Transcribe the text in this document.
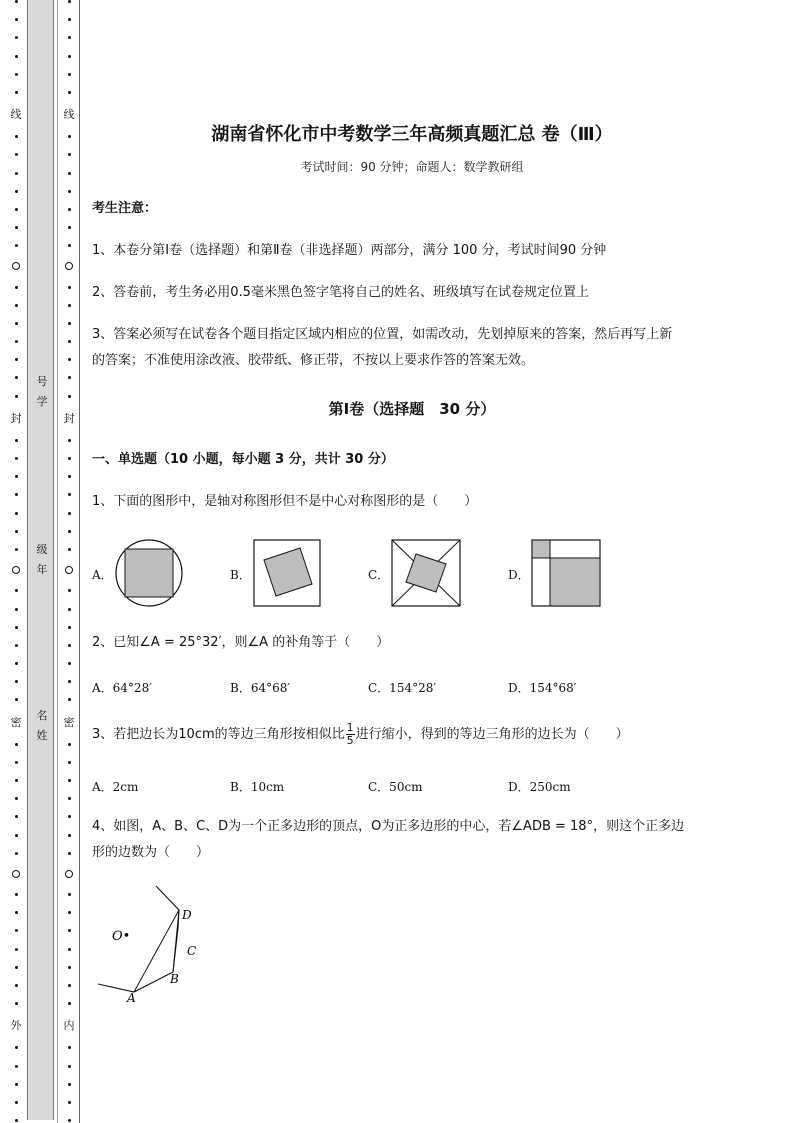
线
封
密
外
线
封
密
内
号
学
级
年
名
姓
湖南省怀化市中考数学三年高频真题汇总 卷（Ⅲ）
考试时间：90 分钟；命题人：数学教研组
考生注意：
1、本卷分第Ⅰ卷（选择题）和第Ⅱ卷（非选择题）两部分，满分 100 分，考试时间90 分钟
2、答卷前，考生务必用0.5毫米黑色签字笔将自己的姓名、班级填写在试卷规定位置上
3、答案必须写在试卷各个题目指定区域内相应的位置，如需改动，先划掉原来的答案，然后再写上新
的答案；不准使用涂改液、胶带纸、修正带，不按以上要求作答的答案无效。
第Ⅰ卷（选择题　30 分）
一、单选题（10 小题，每小题 3 分，共计 30 分）
1、下面的图形中，是轴对称图形但不是中心对称图形的是（　　）
A．	B．	C．	D．
2、已知∠A = 25°32′，则∠A 的补角等于（　　）
A．64°28′	B．64°68′	C．154°28′	D．154°68′
3、若把边长为10cm的等边三角形按相似比 $\frac{1}{5}$ 进行缩小，得到的等边三角形的边长为（　　）
A．2cm	B．10cm	C．50cm	D．250cm
4、如图，A、B、C、D为一个正多边形的顶点，O为正多边形的中心，若∠ADB = 18°，则这个正多边
形的边数为（　　）
O•
A
B
C
D
